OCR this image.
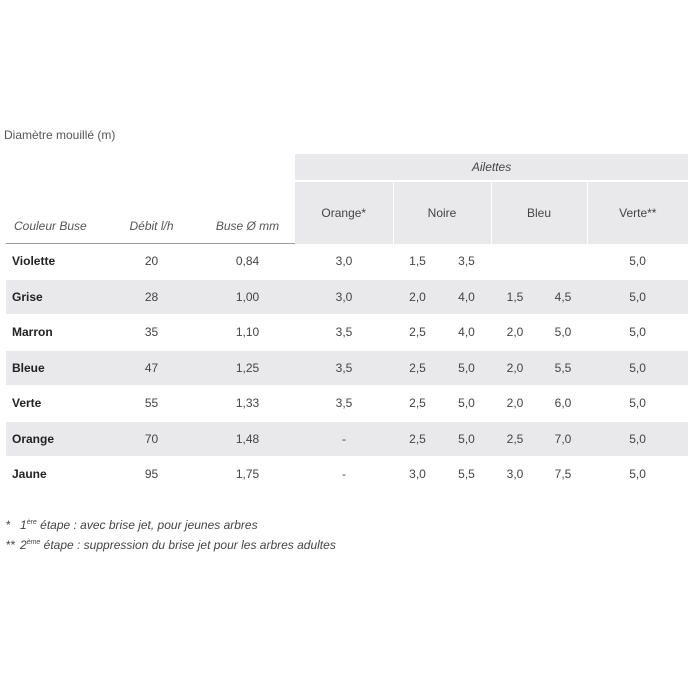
Diamètre mouillé (m)
			Ailettes					
Couleur Buse	Débit l/h	Buse Ø mm	Orange*	Noire		Bleu		Verte**
Violette	20	0,84	3,0	1,5	3,5			5,0
Grise	28	1,00	3,0	2,0	4,0	1,5	4,5	5,0
Marron	35	1,10	3,5	2,5	4,0	2,0	5,0	5,0
Bleue	47	1,25	3,5	2,5	5,0	2,0	5,5	5,0
Verte	55	1,33	3,5	2,5	5,0	2,0	6,0	5,0
Orange	70	1,48	-	2,5	5,0	2,5	7,0	5,0
Jaune	95	1,75	-	3,0	5,5	3,0	7,5	5,0
* 1ère étape : avec brise jet, pour jeunes arbres
** 2ème étape : suppression du brise jet pour les arbres adultes
